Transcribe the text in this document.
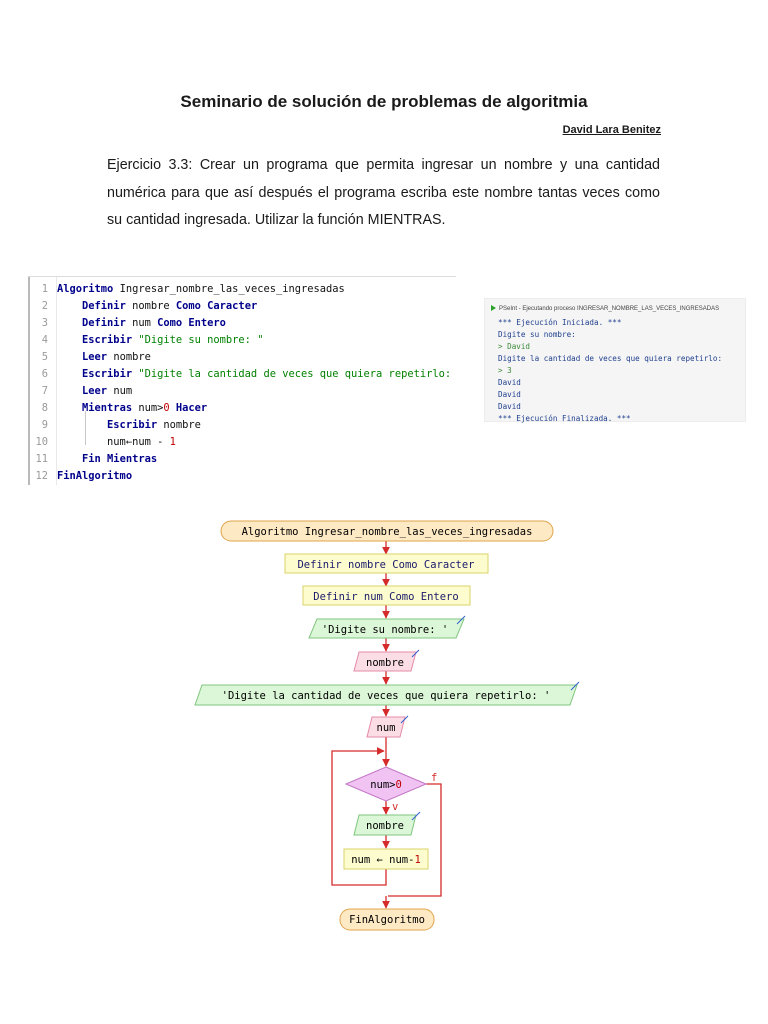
Seminario de solución de problemas de algoritmia
David Lara Benitez
Ejercicio 3.3: Crear un programa que permita ingresar un nombre y una cantidad numérica para que así después el programa escriba este nombre tantas veces como su cantidad ingresada. Utilizar la función MIENTRAS.
1 Algoritmo Ingresar_nombre_las_veces_ingresadas
2	Definir nombre Como Caracter
3	Definir num Como Entero
4	Escribir "Digite su nombre: "
5	Leer nombre
6	Escribir "Digite la cantidad de veces que quiera repetirlo:
7	Leer num
8	Mientras num>0 Hacer
9	Escribir nombre
10        num←num - 1
11	Fin Mientras
12 FinAlgoritmo
PSeInt - Ejecutando proceso INGRESAR_NOMBRE_LAS_VECES_INGRESADAS
*** Ejecución Iniciada. ***
Digite su nombre:
> David
Digite la cantidad de veces que quiera repetirlo:
> 3
David
David
David
*** Ejecución Finalizada. ***
Algoritmo Ingresar_nombre_las_veces_ingresadas
Definir nombre Como Caracter
Definir num Como Entero
'Digite su nombre: '
nombre
'Digite la cantidad de veces que quiera repetirlo: '
num
num>0
v
f
nombre
num ← num-1
FinAlgoritmo
